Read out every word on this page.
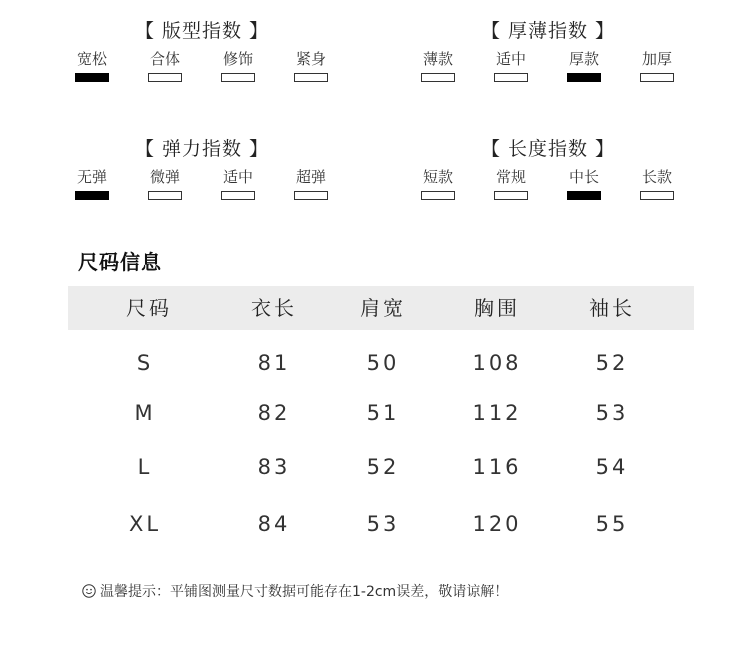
【 版型指数 】
宽松	合体	修饰	紧身
【 厚薄指数 】
薄款	适中	厚款	加厚
【 弹力指数 】
无弹	微弹	适中	超弹
【 长度指数 】
短款	常规	中长	长款
尺码信息
尺码	衣长	肩宽	胸围	袖长
S	81	50	108	52
M	82	51	112	53
L	83	52	116	54
XL	84	53	120	55
温馨提示：平铺图测量尺寸数据可能存在1-2cm误差，敬请谅解！
